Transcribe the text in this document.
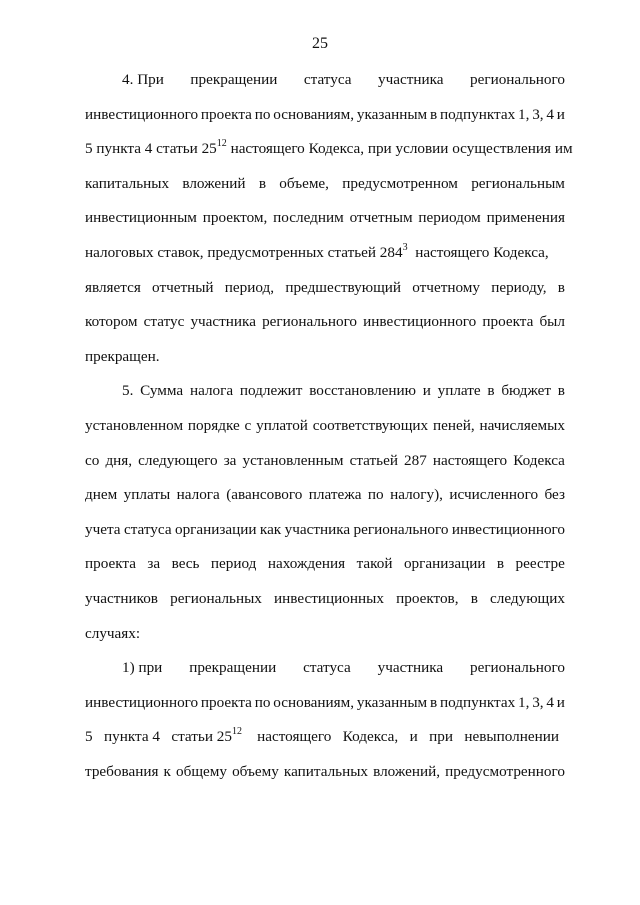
25
4. При прекращении статуса участника регионального
инвестиционного проекта по основаниям, указанным в подпунктах 1, 3, 4 и
5 пункта 4 статьи $25^{12}$ настоящего Кодекса, при условии осуществления им
капитальных вложений в объеме, предусмотренном региональным
инвестиционным проектом, последним отчетным периодом применения
налоговых ставок, предусмотренных статьей $284^3$  настоящего Кодекса,
является отчетный период, предшествующий отчетному периоду, в
котором статус участника регионального инвестиционного проекта был
прекращен.
5. Сумма налога подлежит восстановлению и уплате в бюджет в
установленном порядке с уплатой соответствующих пеней, начисляемых
со дня, следующего за установленным статьей 287 настоящего Кодекса
днем уплаты налога (авансового платежа по налогу), исчисленного без
учета статуса организации как участника регионального инвестиционного
проекта за весь период нахождения такой организации в реестре
участников региональных инвестиционных проектов, в следующих
случаях:
1) при прекращении статуса участника регионального
инвестиционного проекта по основаниям, указанным в подпунктах 1, 3, 4 и
5   пункта 4   статьи $25^{12}$    настоящего   Кодекса,   и   при   невыполнении
требования к общему объему капитальных вложений, предусмотренного
